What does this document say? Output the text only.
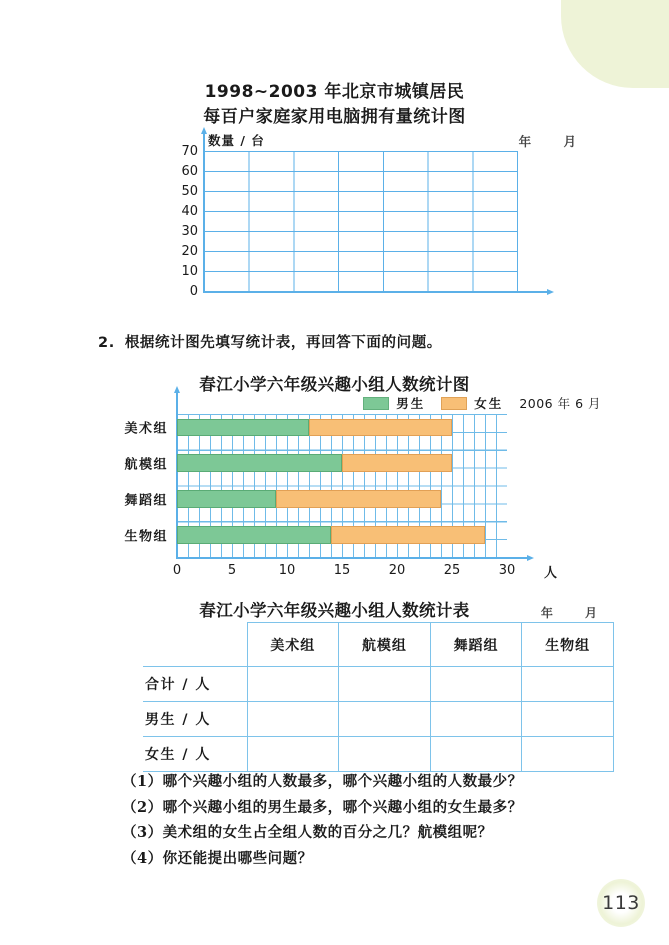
1998~2003 年北京市城镇居民
每百户家庭家用电脑拥有量统计图
数量 / 台	年 月
70
60
50
40
30
20
10
0
2. 根据统计图先填写统计表，再回答下面的问题。
春江小学六年级兴趣小组人数统计图
男生	女生 2006 年 6 月
美术组
航模组
舞蹈组
生物组
0	5	10	15	20	25	30 人
春江小学六年级兴趣小组人数统计表	年 月
	美术组	航模组	舞蹈组	生物组
合计 / 人				
男生 / 人				
女生 / 人				
（1）哪个兴趣小组的人数最多，哪个兴趣小组的人数最少？
（2）哪个兴趣小组的男生最多，哪个兴趣小组的女生最多？
（3）美术组的女生占全组人数的百分之几？航模组呢？
（4）你还能提出哪些问题？
113
